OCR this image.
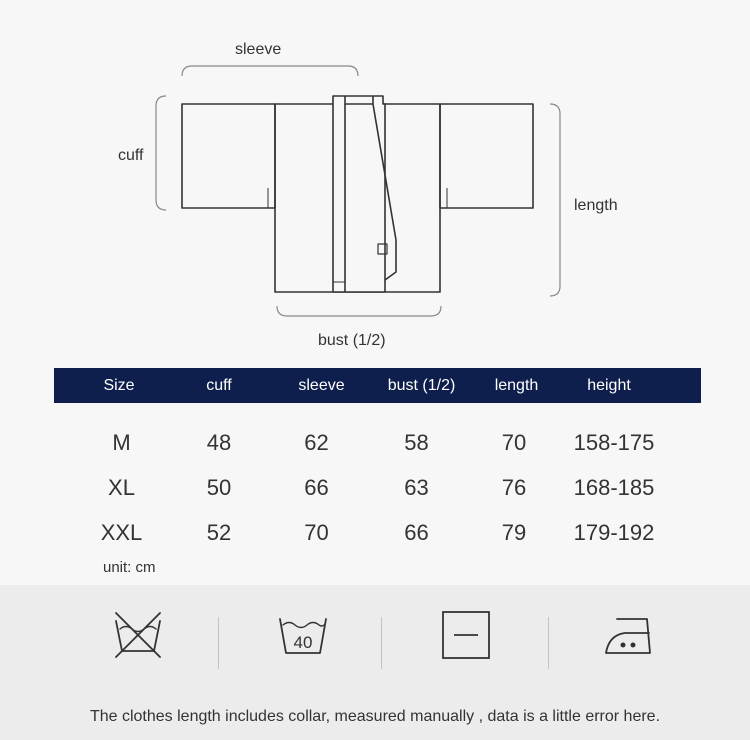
sleeve
cuff
length
bust (1/2)
Size	cuff	sleeve	bust (1/2)	length	height
M	48	62	58	70	158-175
XL	50	66	63	76	168-185
XXL	52	70	66	79	179-192
unit: cm
40
The clothes length includes collar, measured manually , data is a little error here.
